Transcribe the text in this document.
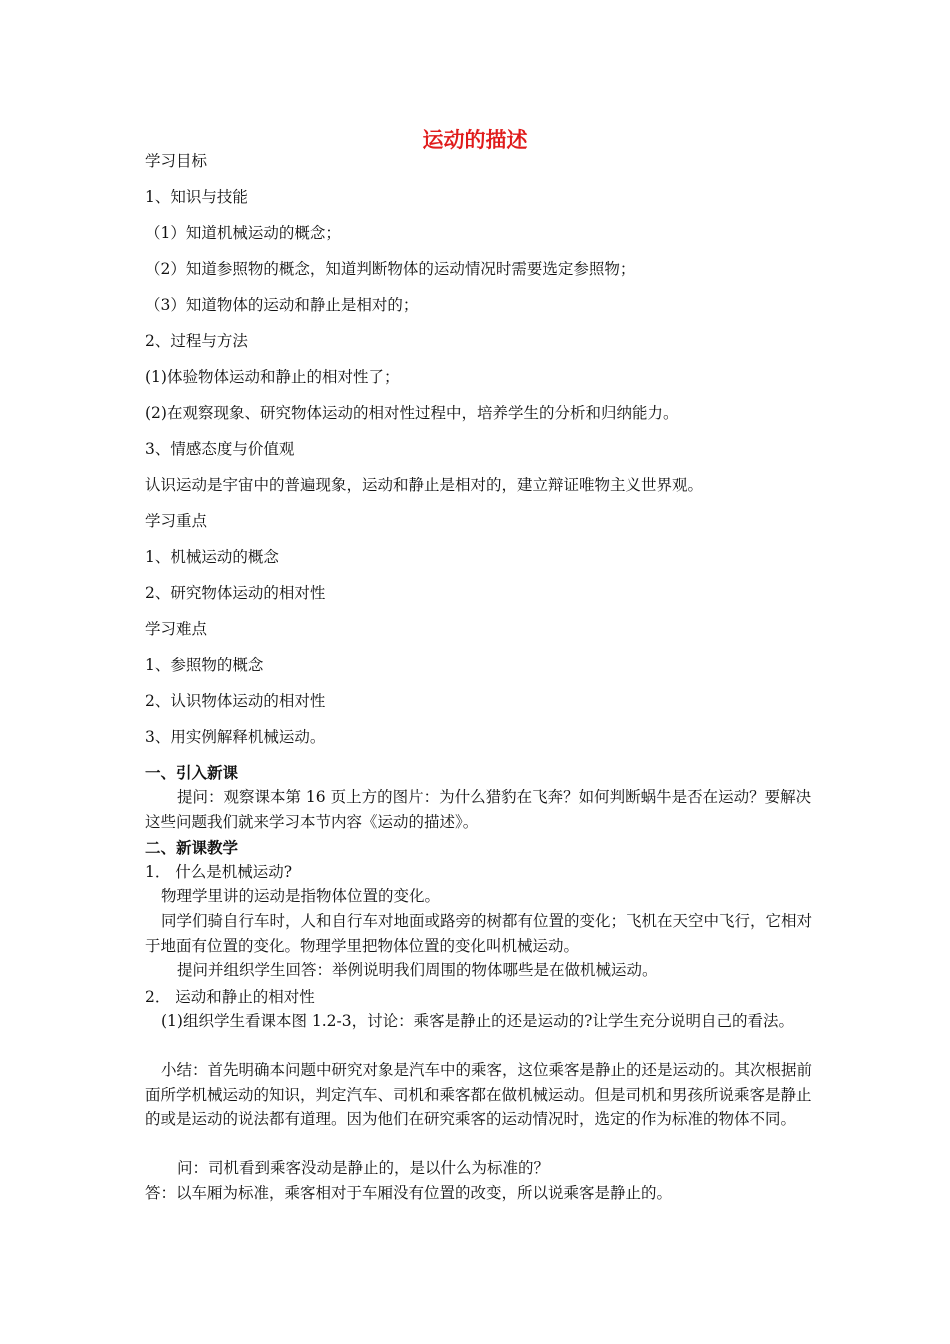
运动的描述
学习目标
1、知识与技能
（1）知道机械运动的概念；
（2）知道参照物的概念，知道判断物体的运动情况时需要选定参照物；
（3）知道物体的运动和静止是相对的；
2、过程与方法
(1)体验物体运动和静止的相对性了；
(2)在观察现象、研究物体运动的相对性过程中，培养学生的分析和归纳能力。
3、情感态度与价值观
认识运动是宇宙中的普遍现象，运动和静止是相对的，建立辩证唯物主义世界观。
学习重点
1、机械运动的概念
2、研究物体运动的相对性
学习难点
1、参照物的概念
2、认识物体运动的相对性
3、用实例解释机械运动。
一、引入新课
提问：观察课本第 16 页上方的图片：为什么猎豹在飞奔？如何判断蜗牛是否在运动？要解决这些问题我们就来学习本节内容《运动的描述》。
二、新课教学
1． 什么是机械运动?
物理学里讲的运动是指物体位置的变化。
同学们骑自行车时，人和自行车对地面或路旁的树都有位置的变化；飞机在天空中飞行，它相对于地面有位置的变化。物理学里把物体位置的变化叫机械运动。
提问并组织学生回答：举例说明我们周围的物体哪些是在做机械运动。
2． 运动和静止的相对性
(1)组织学生看课本图 1.2-3，讨论：乘客是静止的还是运动的?让学生充分说明自己的看法。
小结：首先明确本问题中研究对象是汽车中的乘客，这位乘客是静止的还是运动的。其次根据前面所学机械运动的知识，判定汽车、司机和乘客都在做机械运动。但是司机和男孩所说乘客是静止的或是运动的说法都有道理。因为他们在研究乘客的运动情况时，选定的作为标准的物体不同。
问：司机看到乘客没动是静止的，是以什么为标准的？
答：以车厢为标准，乘客相对于车厢没有位置的改变，所以说乘客是静止的。
